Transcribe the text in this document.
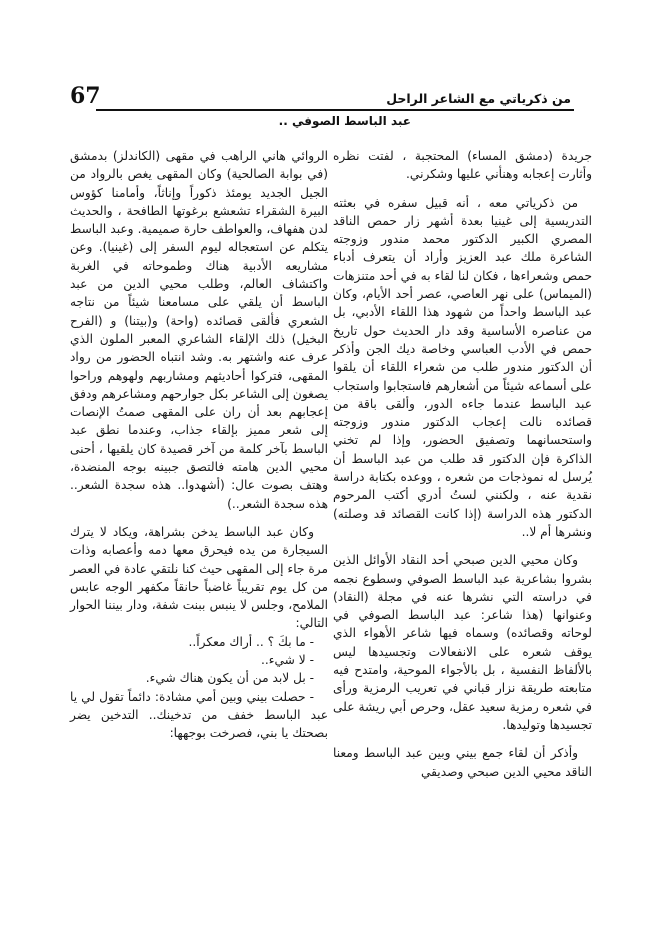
67	من ذكرياتي مع الشاعر الراحل
عبد الباسط الصوفي ..

جريدة (دمشق المساء) المحتجبة ، لفتت نظره وأثارت إعجابه وهنأني عليها وشكرني.

من ذكرياتي معه ، أنه قبيل سفره في بعثته التدريسية إلى غينيا بعدة أشهر زار حمص الناقد المصري الكبير الدكتور محمد مندور وزوجته الشاعرة ملك عبد العزيز وأراد أن يتعرف أدباء حمص وشعراءها ، فكان لنا لقاء به في أحد متنزهات (الميماس) على نهر العاصي، عصر أحد الأيام، وكان عبد الباسط واحداً من شهود هذا اللقاء الأدبي، بل من عناصره الأساسية وقد دار الحديث حول تاريخ حمص في الأدب العباسي وخاصة ديك الجن وأذكر أن الدكتور مندور طلب من شعراء اللقاء أن يلقوا على أسماعه شيئاً من أشعارهم فاستجابوا واستجاب عبد الباسط عندما جاءه الدور، وألقى باقة من قصائده نالت إعجاب الدكتور مندور وزوجته واستحسانهما وتصفيق الحضور، وإذا لم تخني الذاكرة فإن الدكتور قد طلب من عبد الباسط أن يُرسل له نموذجات من شعره ، ووعده بكتابة دراسة نقدية عنه ، ولكنني لستُ أدري أكتب المرحوم الدكتور هذه الدراسة (إذا كانت القصائد قد وصلته) ونشرها أم لا..

وكان محيي الدين صبحي أحد النقاد الأوائل الذين بشروا بشاعرية عبد الباسط الصوفي وسطوع نجمه في دراسته التي نشرها عنه في مجلة (النقاد) وعنوانها (هذا شاعر: عبد الباسط الصوفي في لوحاته وقصائده) وسماه فيها شاعر الأهواء الذي يوقف شعره على الانفعالات وتجسيدها ليس بالألفاظ النفسية ، بل بالأجواء الموحية، وامتدح فيه متابعته طريقة نزار قباني في تعريب الرمزية ورأى في شعره رمزية سعيد عقل، وحرص أبي ريشة على تجسيدها وتوليدها.

وأذكر أن لقاء جمع بيني وبين عبد الباسط ومعنا الناقد محيي الدين صبحي وصديقي

الروائي هاني الراهب في مقهى (الكاندلز) بدمشق (في بوابة الصالحية) وكان المقهى يغص بالرواد من الجيل الجديد يومئذ ذكوراً وإناثاً، وأمامنا كؤوس البيرة الشقراء تشعشع برغوتها الطافحة ، والحديث لدن هفهاف، والعواطف حارة صميمية. وعبد الباسط يتكلم عن استعجاله ليوم السفر إلى (غينيا). وعن مشاريعه الأدبية هناك وطموحاته في الغربة واكتشاف العالم، وطلب محيي الدين من عبد الباسط أن يلقي على مسامعنا شيئاً من نتاجه الشعري فألقى قصائده (واحة) و(بيتنا) و (الفرح البخيل) ذلك الإلقاء الشاعري المعبر الملون الذي عرف عنه واشتهر به. وشد انتباه الحضور من رواد المقهى، فتركوا أحاديثهم ومشاربهم ولهوهم وراحوا يصغون إلى الشاعر بكل جوارحهم ومشاعرهم ودفق إعجابهم بعد أن ران على المقهى صمتُ الإنصات إلى شعر مميز بإلقاء جذاب، وعندما نطق عبد الباسط بآخر كلمة من آخر قصيدة كان يلقيها ، أحنى محيي الدين هامته فالتصق جبينه بوجه المنضدة، وهتف بصوت عال: (أشهدوا.. هذه سجدة الشعر.. هذه سجدة الشعر..)

وكان عبد الباسط يدخن بشراهة، ويكاد لا يترك السيجارة من يده فيحرق معها دمه وأعصابه وذات مرة جاء إلى المقهى حيث كنا نلتقي عادة في العصر من كل يوم تقريباً غاضباً حانقاً مكفهر الوجه عابس الملامح، وجلس لا ينبس ببنت شفة، ودار بيننا الحوار التالي:

- ما بكَ ؟ .. أراك معكراً..

- لا شيء..

- بل لابد من أن يكون هناك شيء.

- حصلت بيني وبين أمي مشادة: دائماً تقول لي يا عبد الباسط خفف من تدخينك.. التدخين يضر بصحتك يا بني، فصرخت بوجهها:
